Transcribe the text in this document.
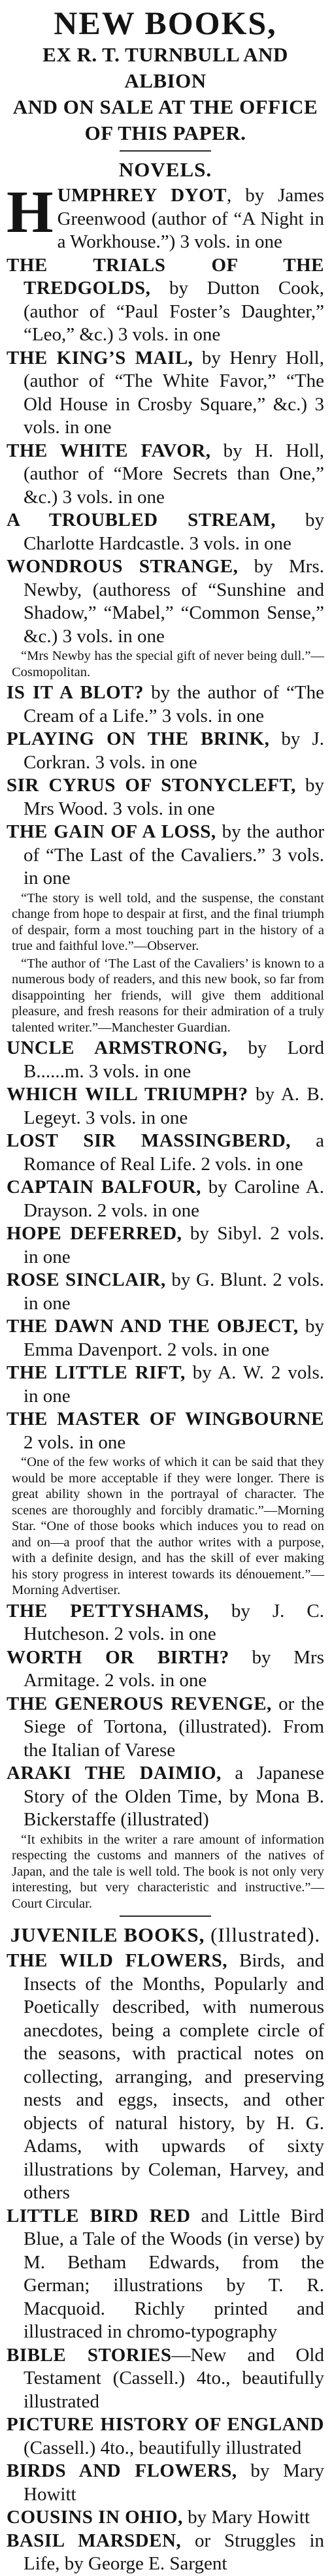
NEW BOOKS,
EX R. T. TURNBULL AND ALBION
AND ON SALE AT THE OFFICE
OF THIS PAPER.
NOVELS.

HUMPHREY DYOT, by James Greenwood (author of “A Night in a Workhouse.”) 3 vols. in one

THE TRIALS OF THE TREDGOLDS, by Dutton Cook, (author of “Paul Foster’s Daughter,” “Leo,” &c.) 3 vols. in one

THE KING’S MAIL, by Henry Holl, (author of “The White Favor,” “The Old House in Crosby Square,” &c.) 3 vols. in one

THE WHITE FAVOR, by H. Holl, (author of “More Secrets than One,” &c.) 3 vols. in one

A TROUBLED STREAM, by Charlotte Hardcastle. 3 vols. in one

WONDROUS STRANGE, by Mrs. Newby, (authoress of “Sunshine and Shadow,” “Mabel,” “Common Sense,” &c.) 3 vols. in one

“Mrs Newby has the special gift of never being dull.”—Cosmopolitan.

IS IT A BLOT? by the author of “The Cream of a Life.” 3 vols. in one

PLAYING ON THE BRINK, by J. Corkran. 3 vols. in one

SIR CYRUS OF STONYCLEFT, by Mrs Wood. 3 vols. in one

THE GAIN OF A LOSS, by the author of “The Last of the Cavaliers.” 3 vols. in one

“The story is well told, and the suspense, the constant change from hope to despair at first, and the final triumph of despair, form a most touching part in the history of a true and faithful love.”—Observer.

“The author of ‘The Last of the Cavaliers’ is known to a numerous body of readers, and this new book, so far from disappointing her friends, will give them additional pleasure, and fresh reasons for their admiration of a truly talented writer.”—Manchester Guardian.

UNCLE ARMSTRONG, by Lord B......m. 3 vols. in one

WHICH WILL TRIUMPH? by A. B. Legeyt. 3 vols. in one

LOST SIR MASSINGBERD, a Romance of Real Life. 2 vols. in one

CAPTAIN BALFOUR, by Caroline A. Drayson. 2 vols. in one

HOPE DEFERRED, by Sibyl. 2 vols. in one

ROSE SINCLAIR, by G. Blunt. 2 vols. in one

THE DAWN AND THE OBJECT, by Emma Davenport. 2 vols. in one

THE LITTLE RIFT, by A. W. 2 vols. in one

THE MASTER OF WINGBOURNE 2 vols. in one

“One of the few works of which it can be said that they would be more acceptable if they were longer. There is great ability shown in the portrayal of character. The scenes are thoroughly and forcibly dramatic.”—Morning Star. “One of those books which induces you to read on and on—a proof that the author writes with a purpose, with a definite design, and has the skill of ever making his story progress in interest towards its dénouement.”—Morning Advertiser.

THE PETTYSHAMS, by J. C. Hutcheson. 2 vols. in one

WORTH OR BIRTH? by Mrs Armitage. 2 vols. in one

THE GENEROUS REVENGE, or the Siege of Tortona, (illustrated). From the Italian of Varese

ARAKI THE DAIMIO, a Japanese Story of the Olden Time, by Mona B. Bickerstaffe (illustrated)

“It exhibits in the writer a rare amount of information respecting the customs and manners of the natives of Japan, and the tale is well told. The book is not only very interesting, but very characteristic and instructive.”—Court Circular.

JUVENILE BOOKS, (Illustrated).

THE WILD FLOWERS, Birds, and Insects of the Months, Popularly and Poetically described, with numerous anecdotes, being a complete circle of the seasons, with practical notes on collecting, arranging, and preserving nests and eggs, insects, and other objects of natural history, by H. G. Adams, with upwards of sixty illustrations by Coleman, Harvey, and others

LITTLE BIRD RED and Little Bird Blue, a Tale of the Woods (in verse) by M. Betham Edwards, from the German; illustrations by T. R. Macquoid. Richly printed and illustraced in chromo-typography

BIBLE STORIES—New and Old Testament (Cassell.) 4to., beautifully illustrated

PICTURE HISTORY OF ENGLAND (Cassell.) 4to., beautifully illustrated

BIRDS AND FLOWERS, by Mary Howitt

COUSINS IN OHIO, by Mary Howitt

BASIL MARSDEN, or Struggles in Life, by George E. Sargent
